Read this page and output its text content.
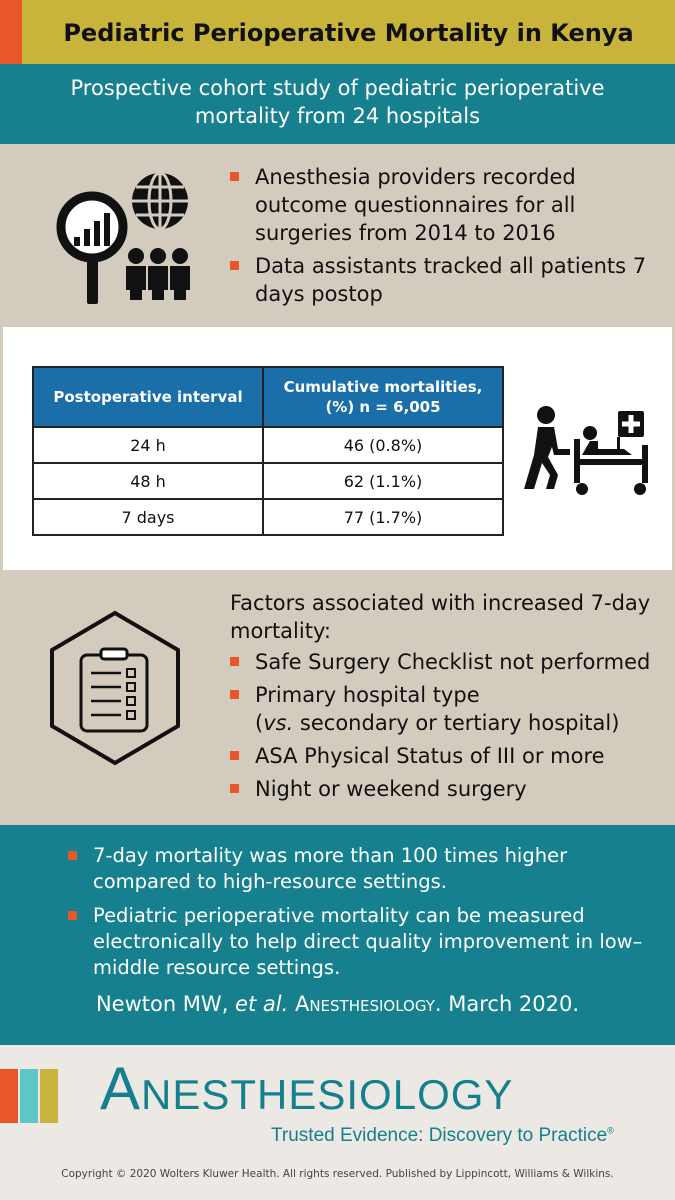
Pediatric Perioperative Mortality in Kenya
Prospective cohort study of pediatric perioperative mortality from 24 hospitals
Anesthesia providers recorded outcome questionnaires for all surgeries from 2014 to 2016
Data assistants tracked all patients 7 days postop
Postoperative interval	Cumulative mortalities, (%) n = 6,005
24 h	46 (0.8%)
48 h	62 (1.1%)
7 days	77 (1.7%)
Factors associated with increased 7-day mortality:
Safe Surgery Checklist not performed
Primary hospital type
(vs. secondary or tertiary hospital)
ASA Physical Status of III or more
Night or weekend surgery
7-day mortality was more than 100 times higher compared to high-resource settings.
Pediatric perioperative mortality can be measured electronically to help direct quality improvement in low–middle resource settings.
Newton MW, et al. Anesthesiology. March 2020.
Anesthesiology
Trusted Evidence: Discovery to Practice®
Copyright © 2020 Wolters Kluwer Health. All rights reserved. Published by Lippincott, Williams & Wilkins.
